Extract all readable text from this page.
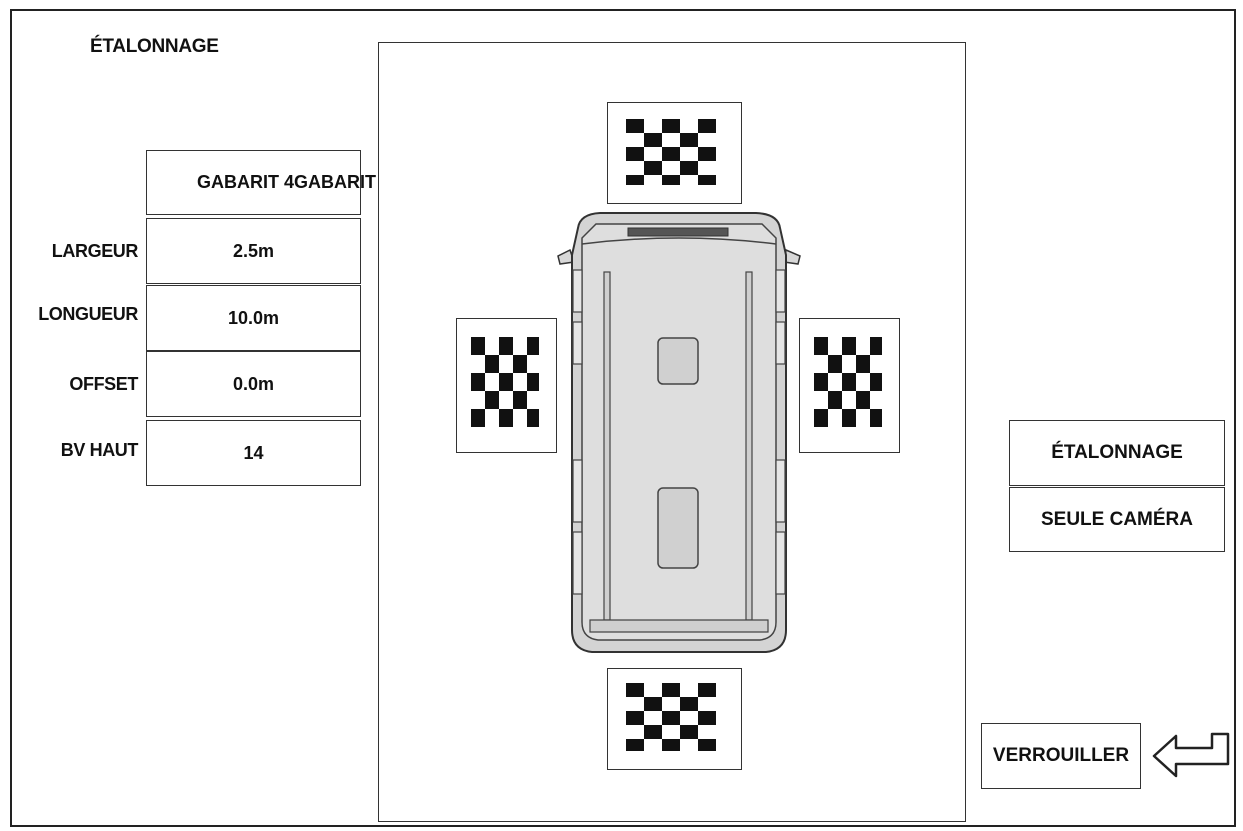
ÉTALONNAGE
GABARIT 4GABARIT
LARGEUR
LONGUEUR
OFFSET
BV HAUT
2.5m
10.0m
0.0m
14	ÉTALONNAGE
SEULE CAMÉRA
VERROUILLER
